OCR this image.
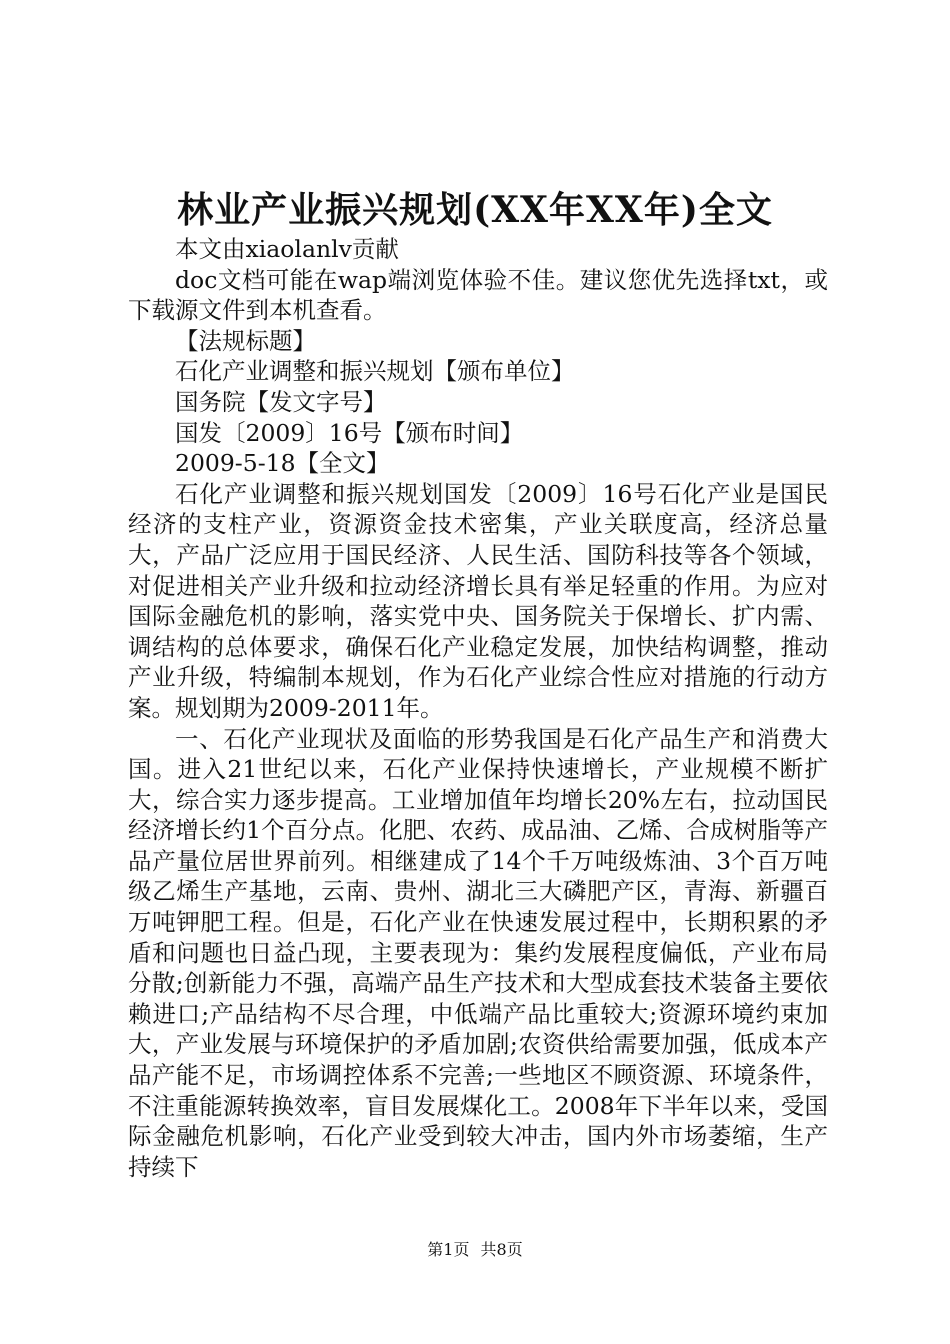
林业产业振兴规划(XX年XX年)全文

本文由xiaolanlv贡献

doc文档可能在wap端浏览体验不佳。建议您优先选择txt，或下载源文件到本机查看。

【法规标题】

石化产业调整和振兴规划【颁布单位】

国务院【发文字号】

国发〔2009〕16号【颁布时间】

2009-5-18【全文】

石化产业调整和振兴规划国发〔2009〕16号石化产业是国民经济的支柱产业，资源资金技术密集，产业关联度高，经济总量大，产品广泛应用于国民经济、人民生活、国防科技等各个领域，对促进相关产业升级和拉动经济增长具有举足轻重的作用。为应对国际金融危机的影响，落实党中央、国务院关于保增长、扩内需、调结构的总体要求，确保石化产业稳定发展，加快结构调整，推动产业升级，特编制本规划，作为石化产业综合性应对措施的行动方案。规划期为2009-2011年。

一、石化产业现状及面临的形势我国是石化产品生产和消费大国。进入21世纪以来，石化产业保持快速增长，产业规模不断扩大，综合实力逐步提高。工业增加值年均增长20%左右，拉动国民经济增长约1个百分点。化肥、农药、成品油、乙烯、合成树脂等产品产量位居世界前列。相继建成了14个千万吨级炼油、3个百万吨级乙烯生产基地，云南、贵州、湖北三大磷肥产区，青海、新疆百万吨钾肥工程。但是，石化产业在快速发展过程中，长期积累的矛盾和问题也日益凸现，主要表现为：集约发展程度偏低，产业布局分散;创新能力不强，高端产品生产技术和大型成套技术装备主要依赖进口;产品结构不尽合理，中低端产品比重较大;资源环境约束加大，产业发展与环境保护的矛盾加剧;农资供给需要加强，低成本产品产能不足，市场调控体系不完善;一些地区不顾资源、环境条件，不注重能源转换效率，盲目发展煤化工。2008年下半年以来，受国际金融危机影响，石化产业受到较大冲击，国内外市场萎缩，生产持续下

第1页 共8页
